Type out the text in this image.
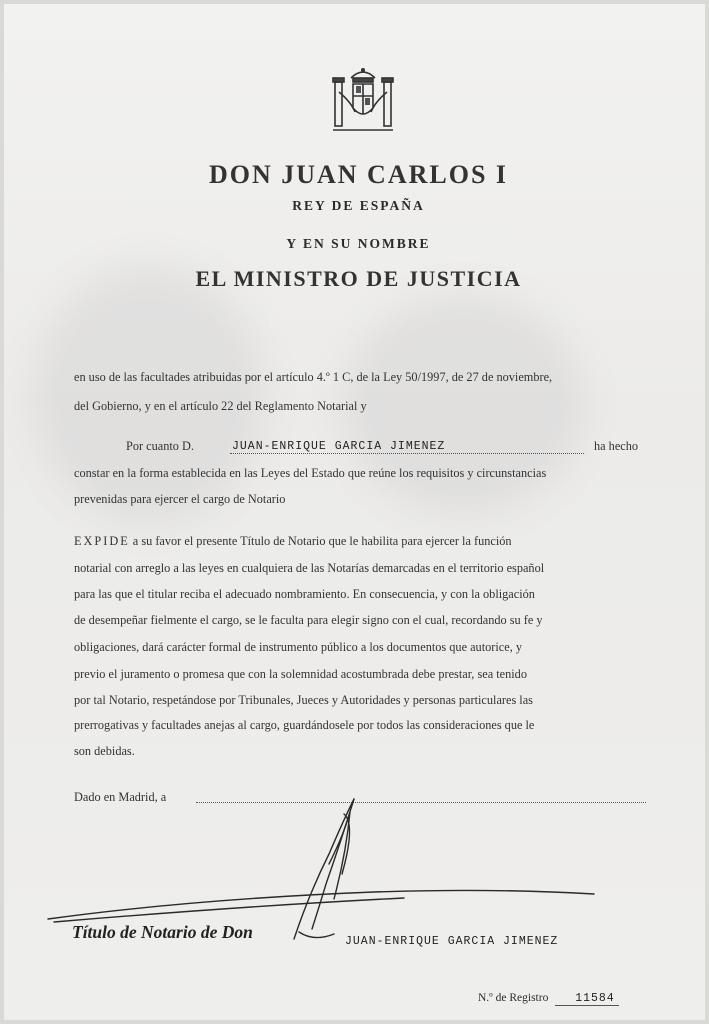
DON JUAN CARLOS I
REY DE ESPAÑA
Y EN SU NOMBRE
EL MINISTRO DE JUSTICIA
en uso de las facultades atribuidas por el artículo 4.º 1 C, de la Ley 50/1997, de 27 de noviembre,
del Gobierno, y en el artículo 22 del Reglamento Notarial y
Por cuanto D.	JUAN-ENRIQUE GARCIA JIMENEZ	ha hecho
constar en la forma establecida en las Leyes del Estado que reúne los requisitos y circunstancias
prevenidas para ejercer el cargo de Notario
EXPIDE a su favor el presente Título de Notario que le habilita para ejercer la función
notarial con arreglo a las leyes en cualquiera de las Notarías demarcadas en el territorio español
para las que el titular reciba el adecuado nombramiento. En consecuencia, y con la obligación
de desempeñar fielmente el cargo, se le faculta para elegir signo con el cual, recordando su fe y
obligaciones, dará carácter formal de instrumento público a los documentos que autorice, y
previo el juramento o promesa que con la solemnidad acostumbrada debe prestar, sea tenido
por tal Notario, respetándose por Tribunales, Jueces y Autoridades y personas particulares las
prerrogativas y facultades anejas al cargo, guardándosele por todos las consideraciones que le
son debidas.
Dado en Madrid, a
Título de Notario de Don	JUAN-ENRIQUE GARCIA JIMENEZ
N.º de Registro 11584
